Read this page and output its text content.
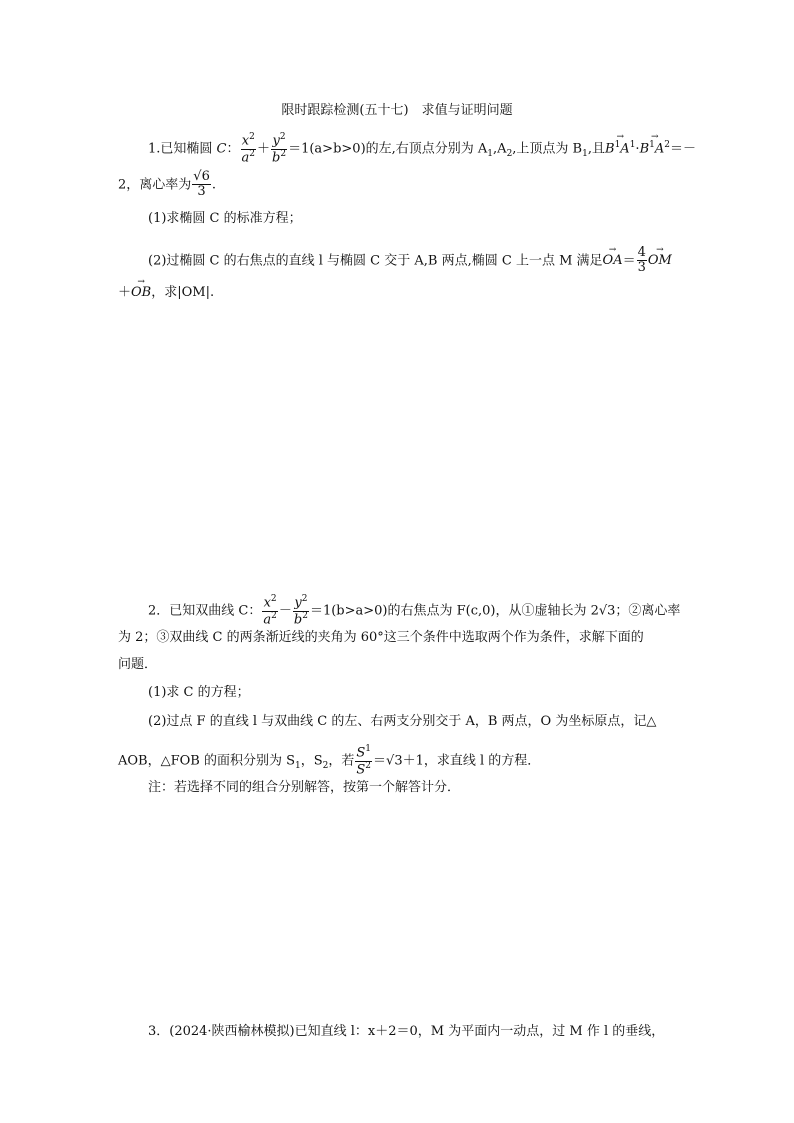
限时跟踪检测(五十七)　求值与证明问题
1.已知椭圆 C： $\frac{x^2}{a^2} + \frac{y^2}{b^2} =1(a>b>0)$的左,右顶点分别为 $A_1,A_2$,上顶点为 $B_1$,且→ $B^1A^1\cdot\to B^1A^2=-$
2，离心率为 $\frac{√6}{3}$ .
(1)求椭圆 C 的标准方程；
(2)过椭圆 C 的右焦点的直线 l 与椭圆 C 交于 A,B 两点,椭圆 C 上一点 M 满足→ $OA= \frac{4}{3}$
→ OM
＋→ OB，求|OM|.
2．已知双曲线 C： $\frac{x^2}{a^2} - \frac{y^2}{b^2} =1(b>a>0)$的右焦点为 F(c,0)，从①虚轴长为 2√3；②离心率
为 2；③双曲线 C 的两条渐近线的夹角为 60°这三个条件中选取两个作为条件，求解下面的
问题．
(1)求 C 的方程；
(2)过点 F 的直线 l 与双曲线 C 的左、右两支分别交于 A，B 两点，O 为坐标原点，记△
AOB，△FOB 的面积分别为 $S_1$，$S_2$，若 $\frac{S^1}{S^2} =√3+1$，求直线 l 的方程．
注：若选择不同的组合分别解答，按第一个解答计分．
3．(2024·陕西榆林模拟)已知直线 l：x＋2＝0，M 为平面内一动点，过 M 作 l 的垂线，
